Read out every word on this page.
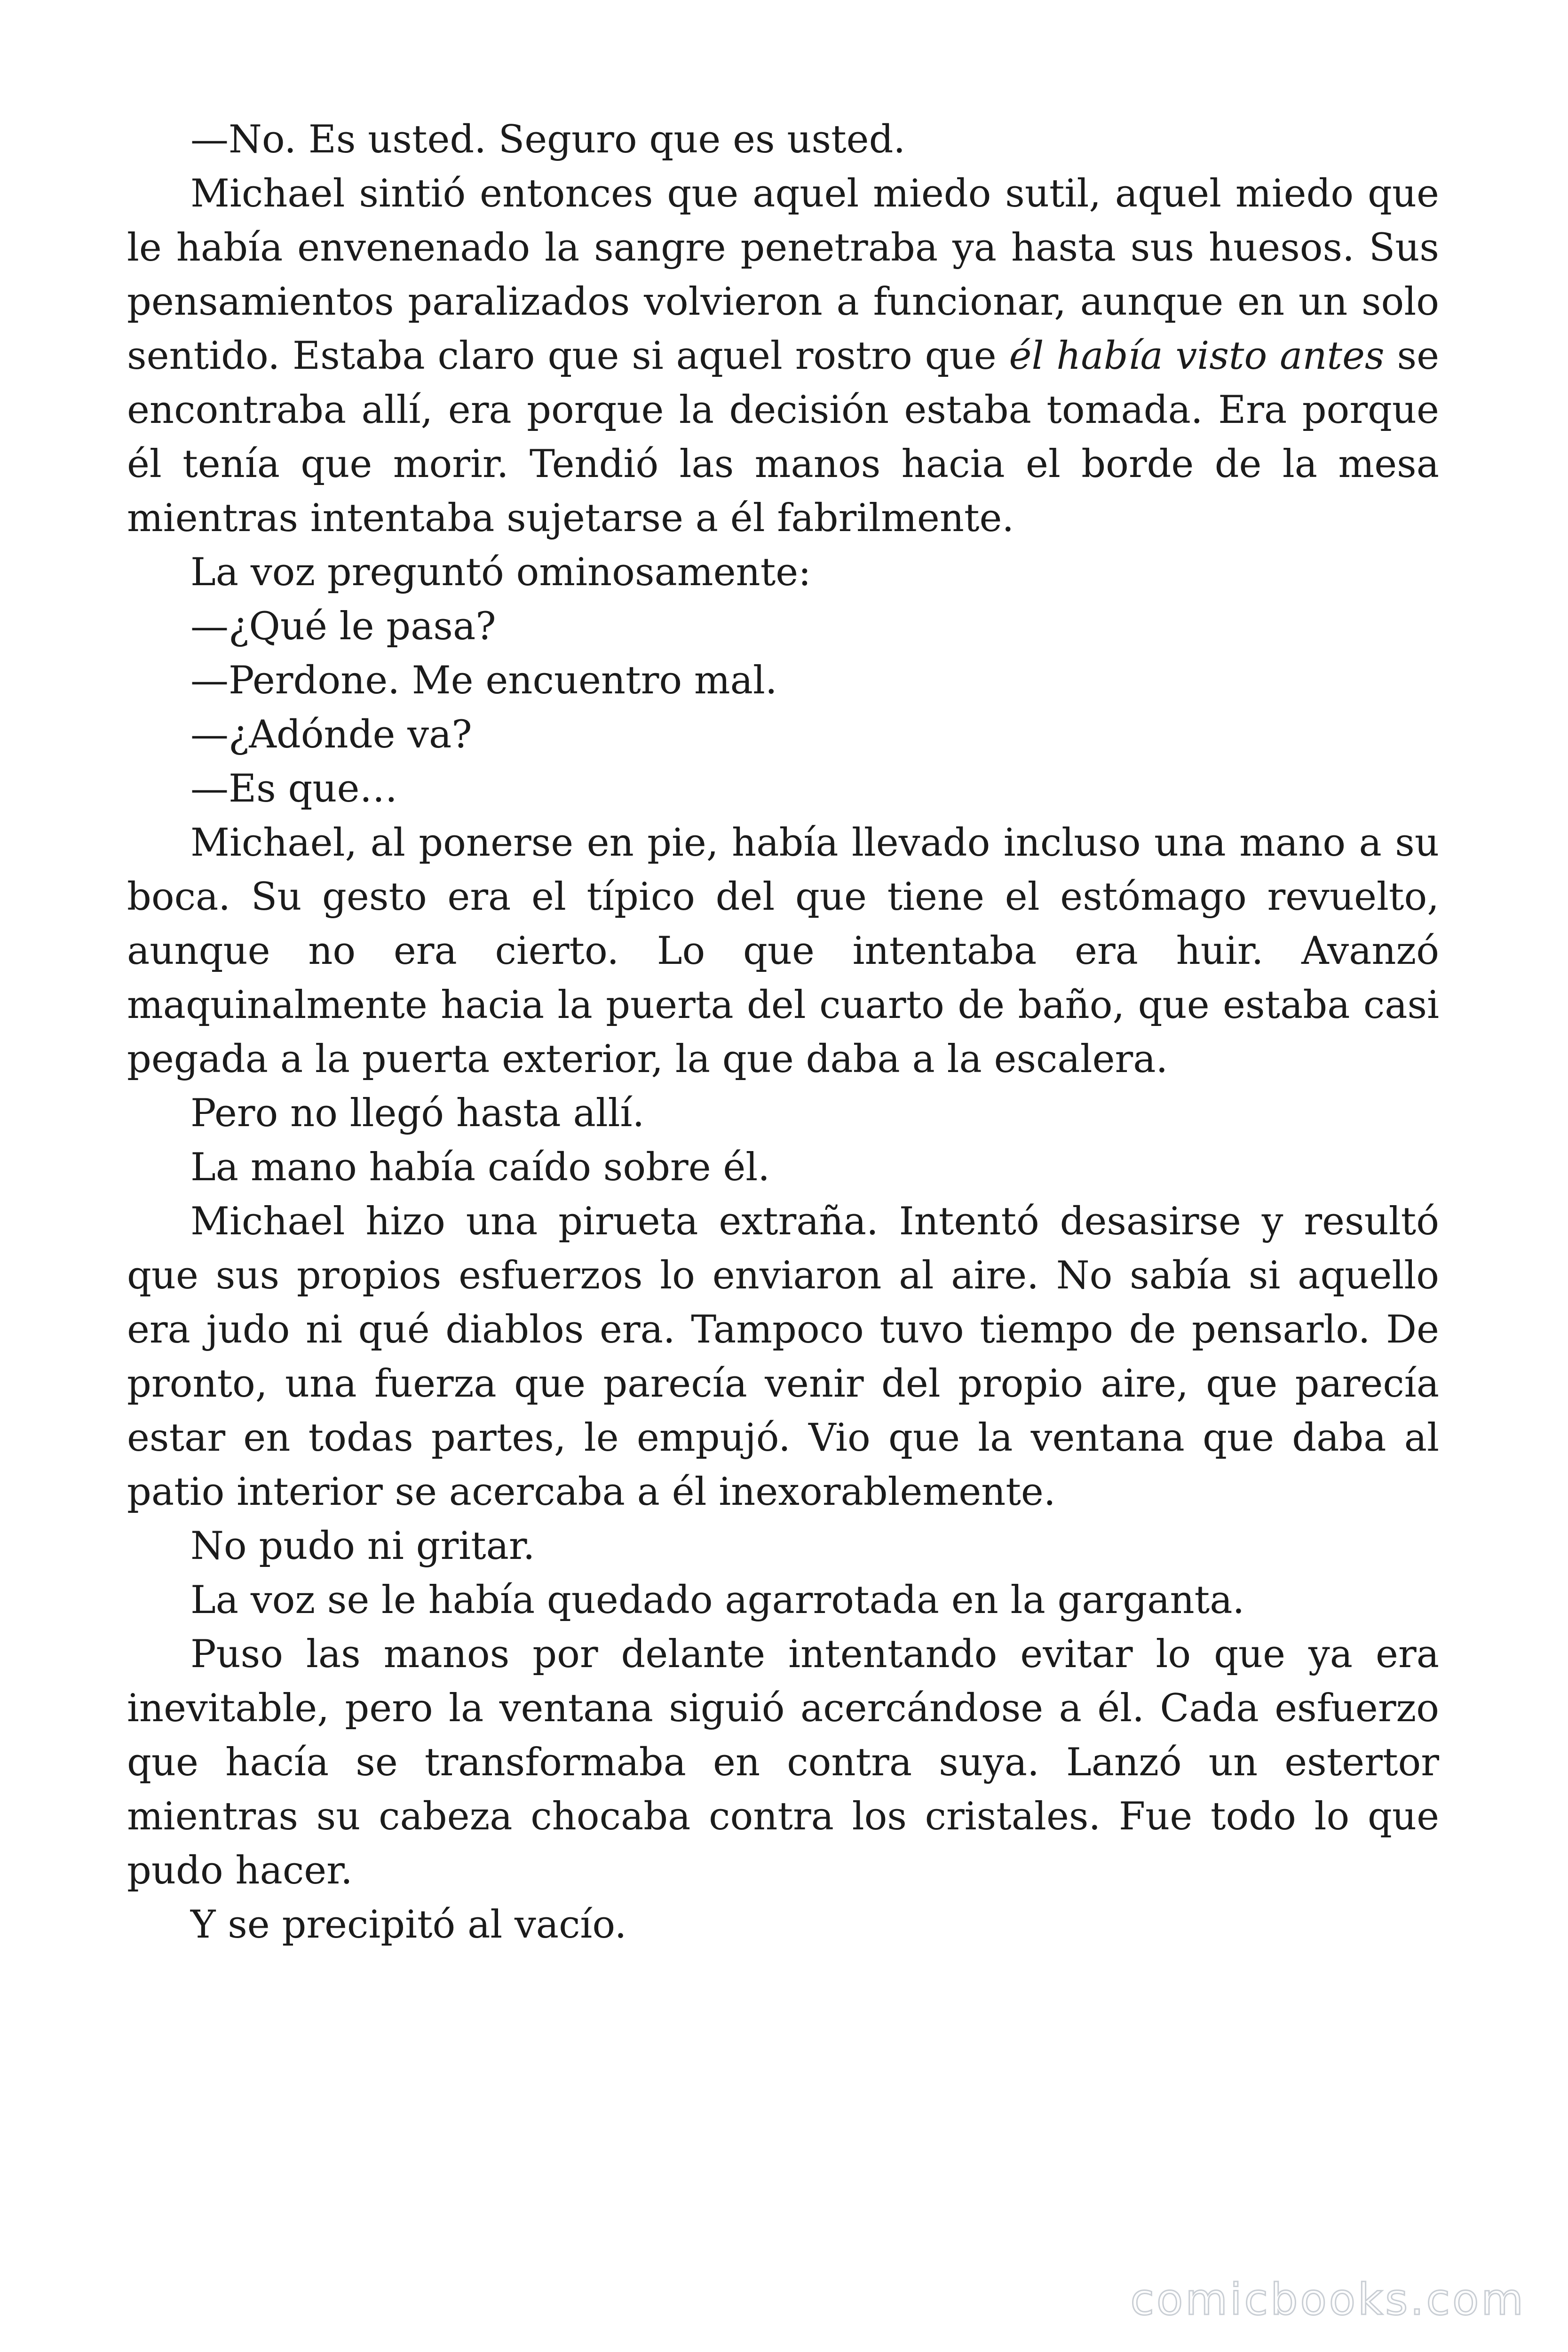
—No. Es usted. Seguro que es usted.

Michael sintió entonces que aquel miedo sutil, aquel miedo que le había envenenado la sangre penetraba ya hasta sus huesos. Sus pensamientos paralizados volvieron a funcionar, aunque en un solo sentido. Estaba claro que si aquel rostro que él había visto antes se encontraba allí, era porque la decisión estaba tomada. Era porque él tenía que morir. Tendió las manos hacia el borde de la mesa mientras intentaba sujetarse a él fabrilmente.

La voz preguntó ominosamente:

—¿Qué le pasa?

—Perdone. Me encuentro mal.

—¿Adónde va?

—Es que…

Michael, al ponerse en pie, había llevado incluso una mano a su boca. Su gesto era el típico del que tiene el estómago revuelto, aunque no era cierto. Lo que intentaba era huir. Avanzó maquinalmente hacia la puerta del cuarto de baño, que estaba casi pegada a la puerta exterior, la que daba a la escalera.

Pero no llegó hasta allí.

La mano había caído sobre él.

Michael hizo una pirueta extraña. Intentó desasirse y resultó que sus propios esfuerzos lo enviaron al aire. No sabía si aquello era judo ni qué diablos era. Tampoco tuvo tiempo de pensarlo. De pronto, una fuerza que parecía venir del propio aire, que parecía estar en todas partes, le empujó. Vio que la ventana que daba al patio interior se acercaba a él inexorablemente.

No pudo ni gritar.

La voz se le había quedado agarrotada en la garganta.

Puso las manos por delante intentando evitar lo que ya era inevitable, pero la ventana siguió acercándose a él. Cada esfuerzo que hacía se transformaba en contra suya. Lanzó un estertor mientras su cabeza chocaba contra los cristales. Fue todo lo que pudo hacer.

Y se precipitó al vacío.

comicbooks.com
